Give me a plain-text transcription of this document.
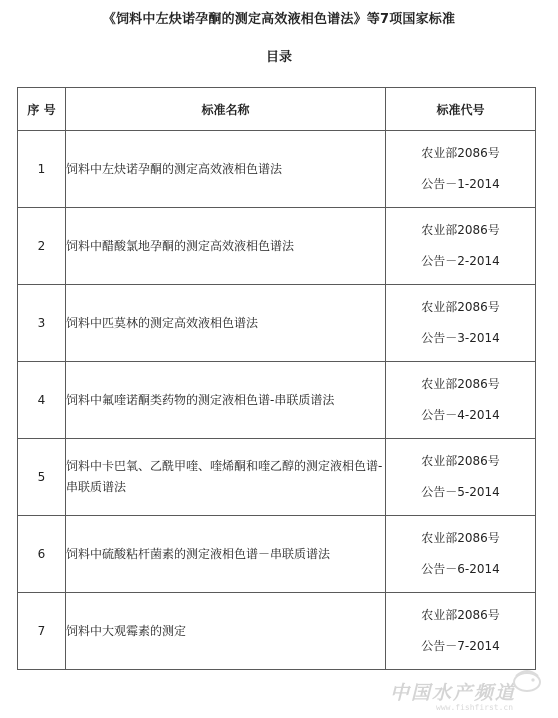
《饲料中左炔诺孕酮的测定高效液相色谱法》等7项国家标准
目录
序 号	标准名称	标准代号
1	饲料中左炔诺孕酮的测定高效液相色谱法	农业部2086号
公告－1-2014

2	饲料中醋酸氯地孕酮的测定高效液相色谱法	农业部2086号
公告－2-2014

3	饲料中匹莫林的测定高效液相色谱法	农业部2086号
公告－3-2014

4	饲料中氟喹诺酮类药物的测定液相色谱-串联质谱法	农业部2086号
公告－4-2014

5	饲料中卡巴氧、乙酰甲喹、喹烯酮和喹乙醇的测定液相色谱-串联质谱法	农业部2086号
公告－5-2014

6	饲料中硫酸粘杆菌素的测定液相色谱－串联质谱法	农业部2086号
公告－6-2014

7	饲料中大观霉素的测定	农业部2086号
公告－7-2014
中国水产频道
www.fishfirst.cn
